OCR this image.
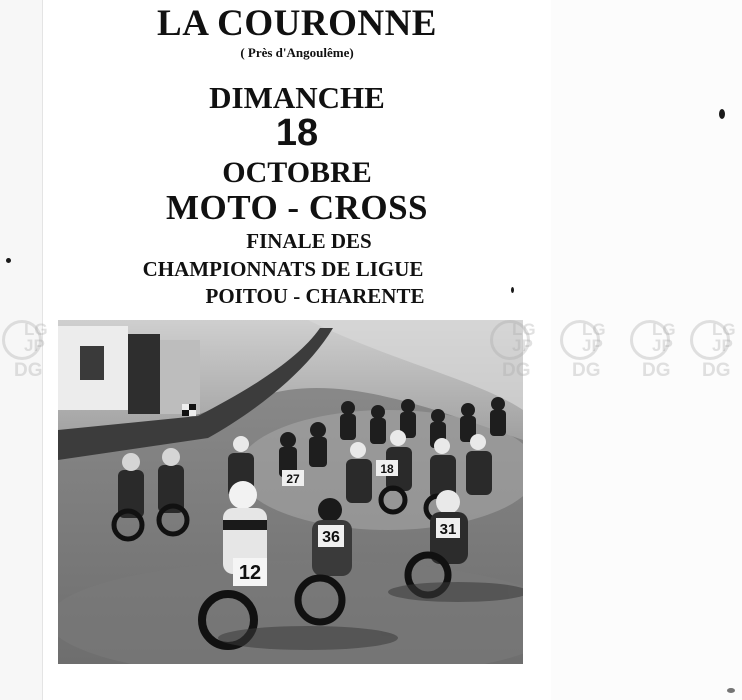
LA COURONNE

( Près d'Angoulême)

DIMANCHE

18

OCTOBRE

MOTO - CROSS

FINALE DES

CHAMPIONNATS DE LIGUE

POITOU - CHARENTE

12
36	31
18
27
LG
JP
DG
LG
JP
DG
LG
JP
DG
LG
JP
DG
LG
JP
DG
